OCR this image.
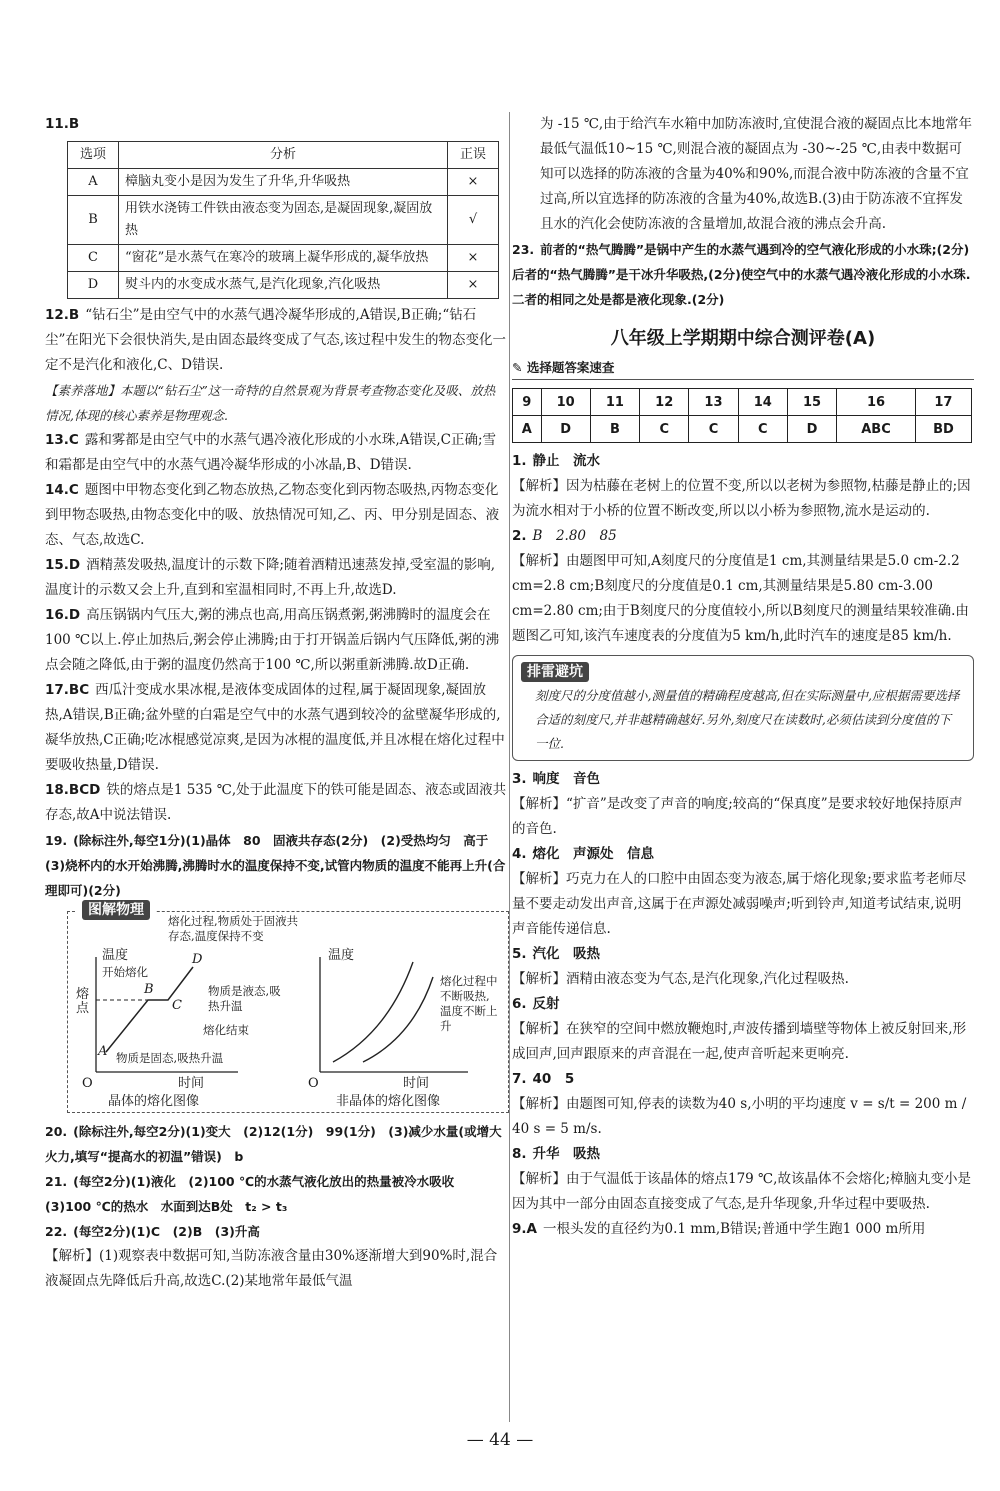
11.B
选项	分析	正误
A	樟脑丸变小是因为发生了升华,升华吸热	×
B	用铁水浇铸工件铁由液态变为固态,是凝固现象,凝固放热	√
C	“窗花”是水蒸气在寒冷的玻璃上凝华形成的,凝华放热	×
D	熨斗内的水变成水蒸气,是汽化现象,汽化吸热	×
12.B “钻石尘”是由空气中的水蒸气遇冷凝华形成的,A错误,B正确;“钻石尘”在阳光下会很快消失,是由固态最终变成了气态,该过程中发生的物态变化一定不是汽化和液化,C、D错误.
【素养落地】本题以“钻石尘”这一奇特的自然景观为背景考查物态变化及吸、放热情况,体现的核心素养是物理观念.
13.C 露和雾都是由空气中的水蒸气遇冷液化形成的小水珠,A错误,C正确;雪和霜都是由空气中的水蒸气遇冷凝华形成的小冰晶,B、D错误.
14.C 题图中甲物态变化到乙物态放热,乙物态变化到丙物态吸热,丙物态变化到甲物态吸热,由物态变化中的吸、放热情况可知,乙、丙、甲分别是固态、液态、气态,故选C.
15.D 酒精蒸发吸热,温度计的示数下降;随着酒精迅速蒸发掉,受室温的影响,温度计的示数又会上升,直到和室温相同时,不再上升,故选D.
16.D 高压锅锅内气压大,粥的沸点也高,用高压锅煮粥,粥沸腾时的温度会在100 ℃以上.停止加热后,粥会停止沸腾;由于打开锅盖后锅内气压降低,粥的沸点会随之降低,由于粥的温度仍然高于100 ℃,所以粥重新沸腾.故D正确.
17.BC 西瓜汁变成水果冰棍,是液体变成固体的过程,属于凝固现象,凝固放热,A错误,B正确;盆外壁的白霜是空气中的水蒸气遇到较冷的盆壁凝华形成的,凝华放热,C正确;吃冰棍感觉凉爽,是因为冰棍的温度低,并且冰棍在熔化过程中要吸收热量,D错误.
18.BCD 铁的熔点是1 535 ℃,处于此温度下的铁可能是固态、液态或固液共存态,故A中说法错误.
19. (除标注外,每空1分)(1)晶体　80　固液共存态(2分)　(2)受热均匀　高于　(3)烧杯内的水开始沸腾,沸腾时水的温度保持不变,试管内物质的温度不能再上升(合理即可)(2分)
图解物理
温度
熔点
O	时间
晶体的熔化图像
熔化过程,物质处于固液共存态,温度保持不变
开始熔化
物质是液态,吸热升温
熔化结束
物质是固态,吸热升温
A
B
C
D	温度
O	时间
非晶体的熔化图像
熔化过程中不断吸热,温度不断上升
20. (除标注外,每空2分)(1)变大　(2)12(1分)　99(1分)　(3)减少水量(或增大火力,填写“提高水的初温”错误)　b
21. (每空2分)(1)液化　(2)100 ℃的水蒸气液化放出的热量被冷水吸收　(3)100 ℃的热水　水面到达B处　t₂ > t₃
22. (每空2分)(1)C　(2)B　(3)升高
【解析】(1)观察表中数据可知,当防冻液含量由30%逐渐增大到90%时,混合液凝固点先降低后升高,故选C.(2)某地常年最低气温
为 -15 ℃,由于给汽车水箱中加防冻液时,宜使混合液的凝固点比本地常年最低气温低10~15 ℃,则混合液的凝固点为 -30~-25 ℃,由表中数据可知可以选择的防冻液的含量为40%和90%,而混合液中防冻液的含量不宜过高,所以宜选择的防冻液的含量为40%,故选B.(3)由于防冻液不宜挥发且水的汽化会使防冻液的含量增加,故混合液的沸点会升高.
23. 前者的“热气腾腾”是锅中产生的水蒸气遇到冷的空气液化形成的小水珠;(2分)后者的“热气腾腾”是干冰升华吸热,(2分)使空气中的水蒸气遇冷液化形成的小水珠.二者的相同之处是都是液化现象.(2分)
八年级上学期期中综合测评卷(A)
✎ 选择题答案速查
9	10	11	12	13	14	15	16	17
A	D	B	C	C	C	D	ABC	BD
1. 静止　流水
【解析】因为枯藤在老树上的位置不变,所以以老树为参照物,枯藤是静止的;因为流水相对于小桥的位置不断改变,所以以小桥为参照物,流水是运动的.
2. B　2.80　85
【解析】由题图甲可知,A刻度尺的分度值是1 cm,其测量结果是5.0 cm-2.2 cm=2.8 cm;B刻度尺的分度值是0.1 cm,其测量结果是5.80 cm-3.00 cm=2.80 cm;由于B刻度尺的分度值较小,所以B刻度尺的测量结果较准确.由题图乙可知,该汽车速度表的分度值为5 km/h,此时汽车的速度是85 km/h.
排雷避坑
刻度尺的分度值越小,测量值的精确程度越高,但在实际测量中,应根据需要选择合适的刻度尺,并非越精确越好.另外,刻度尺在读数时,必须估读到分度值的下一位.
3. 响度　音色
【解析】“扩音”是改变了声音的响度;较高的“保真度”是要求较好地保持原声的音色.
4. 熔化　声源处　信息
【解析】巧克力在人的口腔中由固态变为液态,属于熔化现象;要求监考老师尽量不要走动发出声音,这属于在声源处减弱噪声;听到铃声,知道考试结束,说明声音能传递信息.
5. 汽化　吸热
【解析】酒精由液态变为气态,是汽化现象,汽化过程吸热.
6. 反射
【解析】在狭窄的空间中燃放鞭炮时,声波传播到墙壁等物体上被反射回来,形成回声,回声跟原来的声音混在一起,使声音听起来更响亮.
7. 40　5
【解析】由题图可知,停表的读数为40 s,小明的平均速度 v = s/t = 200 m / 40 s = 5 m/s.
8. 升华　吸热
【解析】由于气温低于该晶体的熔点179 ℃,故该晶体不会熔化;樟脑丸变小是因为其中一部分由固态直接变成了气态,是升华现象,升华过程中要吸热.
9.A 一根头发的直径约为0.1 mm,B错误;普通中学生跑1 000 m所用
— 44 —
